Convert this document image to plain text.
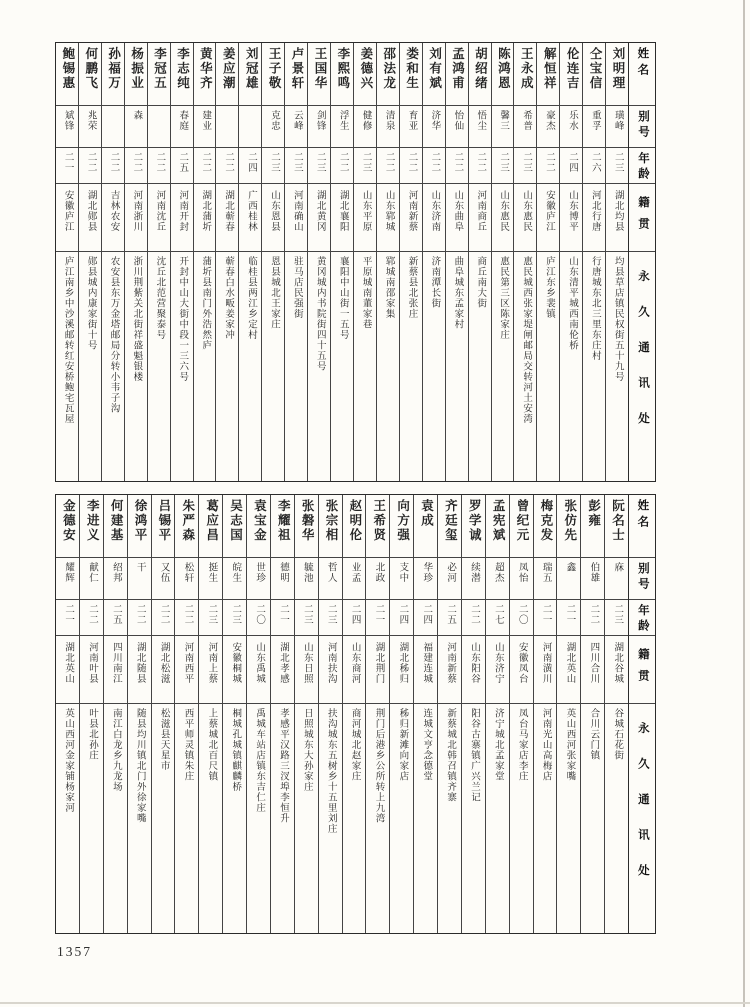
鲍锡惠
斌锋
二一
安徽庐江
庐江南乡中沙溪邮转红安桥鲍宅瓦屋
何鹏飞
兆荣
二二
湖北郧县
郧县城内康家街十号
孙福万
二二
吉林农安
农安县东万金塔邮局分转小韦子沟
杨振业
森
二二
河南浙川
浙川荆紫关北街祥盛魁银楼
李冠五
二二
河南沈丘
沈丘北范营聚泰号
李志纯
春庭
二五
河南开封
开封中山大街中段一三六号
黄华齐
建业
二二
湖北蒲圻
蒲圻县南门外浩然庐
姜应潮
二二
湖北蕲春
蕲春白水畈姜家冲
刘冠雄
二四
广西桂林
临桂县两江乡定村
王子敬
克忠
二三
山东恩县
恩县城北王家庄
卢景轩
云峰
二三
河南确山
驻马店民强街
王国华
剑锋
二三
湖北黄冈
黄冈城内书院街四十五号
李熙鸣
浮生
二二
湖北襄阳
襄阳中山街一五号
姜德兴
健修
二三
山东平原
平原城南董家巷
邵法龙
清泉
二二
山东郓城
郓城南邵家集
娄和生
育亚
二二
河南新蔡
新蔡县北张庄
刘有斌
济华
二二
山东济南
济南潭长街
孟鸿甫
怡仙
二二
山东曲阜
曲阜城东孟家村
胡绍绪
悟尘
二二
河南商丘
商丘南大街
陈鸿恩
馨三
二三
山东惠民
惠民第三区陈家庄
王永成
希普
二三
山东惠民
惠民城西张家堤闸邮局交转河土安湾
解恒祥
豪杰
二二
安徽庐江
庐江东乡裴镇
伦连吉
乐水
二四
山东博平
山东清平城西南伦桥
仝宝信
重孚
二六
河北行唐
行唐城东北三里东庄村
刘明理
璜峰
二三
湖北均县
均县草店镇民权街五十九号
姓名
别号
年龄
籍贯
永久通讯处
金德安
耀辉
二一
湖北英山
英山西河金家铺杨家河
李进义
献仁
二二
河南叶县
叶县北孙庄
何建基
绍邦
二五
四川南江
南江白龙乡九龙场
徐鸿平
干
二二
湖北随县
随县均川镇北门外徐家嘴
吕锡平
又伍
二二
湖北松滋
松滋县天星市
朱严森
松轩
二二
河南西平
西平师灵镇朱庄
葛应昌
挺生
二三
河南上蔡
上蔡城北百尺镇
吴志国
皖生
二三
安徽桐城
桐城孔城镇麒麟桥
袁宝金
世珍
二〇
山东禹城
禹城车站店镇东吉仁庄
李耀祖
德明
二一
湖北孝感
孝感平汉路三汊埠李恒升
张磐华
毓池
二三
山东日照
日照城东大孙家庄
张宗相
哲人
二三
河南扶沟
扶沟城东五树乡十五里刘庄
赵明伦
业孟
二四
山东商河
商河城北赵家庄
王希贤
北政
二一
湖北荆门
荆门后港乡公所转上九湾
向方强
支中
二四
湖北秭归
秭归新滩向家店
袁成
华珍
二四
福建连城
连城文亨念德堂
齐廷玺
必河
二五
河南新蔡
新蔡城北韩召镇齐寨
罗学诚
续潜
二二
山东阳谷
阳谷古寨镇广兴兰记
孟宪斌
超杰
二七
山东济宁
济宁城北孟家堂
曾纪元
凤怡
二〇
安徽凤台
凤台马家店李庄
梅克发
瑞五
二一
河南潢川
河南光山高梅店
张仿先
鑫
二一
湖北英山
英山西河张家嘴
彭雍
伯雄
二二
四川合川
合川云门镇
阮名士
庥
二三
湖北谷城
谷城石花街
姓名
别号
年龄
籍贯
永久通讯处
1357
